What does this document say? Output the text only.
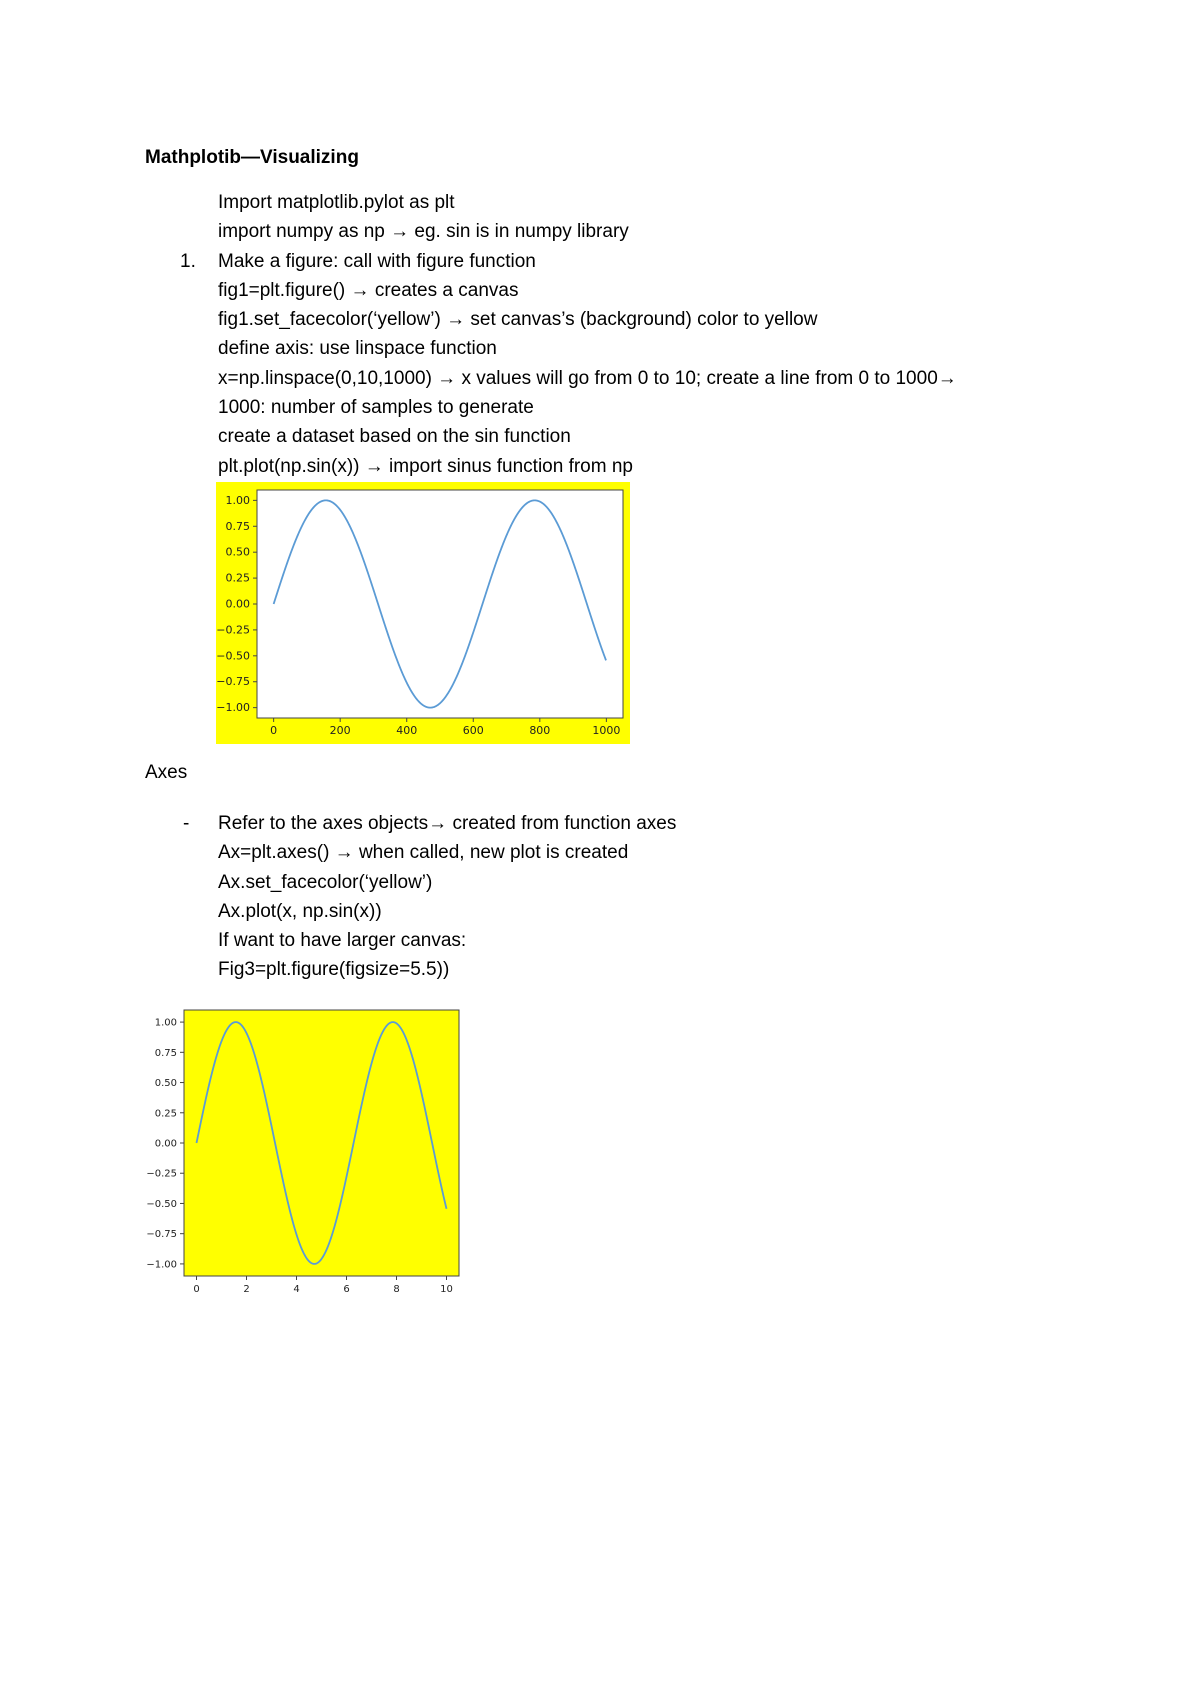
Mathplotib—Visualizing
Import matplotlib.pylot as plt
import numpy as np → eg. sin is in numpy library
1. Make a figure: call with figure function
fig1=plt.figure() → creates a canvas
fig1.set_facecolor(‘yellow’) → set canvas’s (background) color to yellow
define axis: use linspace function
x=np.linspace(0,10,1000) → x values will go from 0 to 10; create a line from 0 to 1000→
1000: number of samples to generate
create a dataset based on the sin function
plt.plot(np.sin(x)) → import sinus function from np
1.00
0.75
0.50
0.25
0.00
−0.25
−0.50
−0.75
−1.00
0	200	400	600	800	1000
Axes
- Refer to the axes objects→ created from function axes
Ax=plt.axes() → when called, new plot is created
Ax.set_facecolor(‘yellow’)
Ax.plot(x, np.sin(x))
If want to have larger canvas:
Fig3=plt.figure(figsize=5.5))
1.00
0.75
0.50
0.25
0.00
−0.25
−0.50
−0.75
−1.00
0	2	4	6	8	10
